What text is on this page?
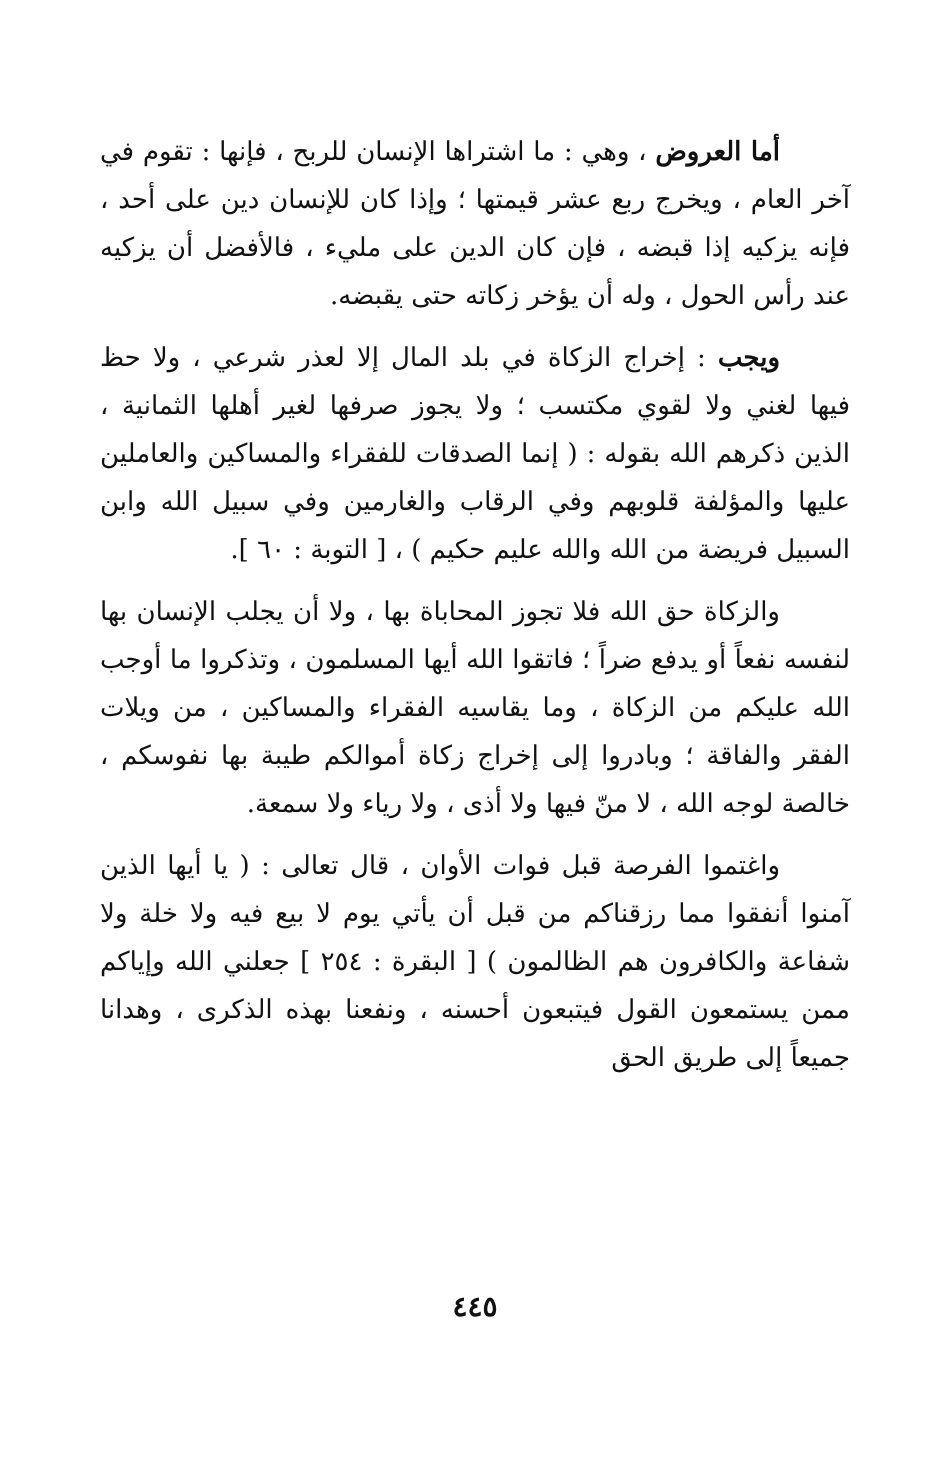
أما العروض ، وهي : ما اشتراها الإنسان للربح ، فإنها : تقوم في آخر العام ، ويخرج ربع عشر قيمتها ؛ وإذا كان للإنسان دين على أحد ، فإنه يزكيه إذا قبضه ، فإن كان الدين على مليء ، فالأفضل أن يزكيه عند رأس الحول ، وله أن يؤخر زكاته حتى يقبضه.

ويجب : إخراج الزكاة في بلد المال إلا لعذر شرعي ، ولا حظ فيها لغني ولا لقوي مكتسب ؛ ولا يجوز صرفها لغير أهلها الثمانية ، الذين ذكرهم الله بقوله : ( إنما الصدقات للفقراء والمساكين والعاملين عليها والمؤلفة قلوبهم وفي الرقاب والغارمين وفي سبيل الله وابن السبيل فريضة من الله والله عليم حكيم ) ، [ التوبة : ٦٠ ].

والزكاة حق الله فلا تجوز المحاباة بها ، ولا أن يجلب الإنسان بها لنفسه نفعاً أو يدفع ضراً ؛ فاتقوا الله أيها المسلمون ، وتذكروا ما أوجب الله عليكم من الزكاة ، وما يقاسيه الفقراء والمساكين ، من ويلات الفقر والفاقة ؛ وبادروا إلى إخراج زكاة أموالكم طيبة بها نفوسكم ، خالصة لوجه الله ، لا منّ فيها ولا أذى ، ولا رياء ولا سمعة.

واغتموا الفرصة قبل فوات الأوان ، قال تعالى : ( يا أيها الذين آمنوا أنفقوا مما رزقناكم من قبل أن يأتي يوم لا بيع فيه ولا خلة ولا شفاعة والكافرون هم الظالمون ) [ البقرة : ٢٥٤ ] جعلني الله وإياكم ممن يستمعون القول فيتبعون أحسنه ، ونفعنا بهذه الذكرى ، وهدانا جميعاً إلى طريق الحق

٤٤٥
